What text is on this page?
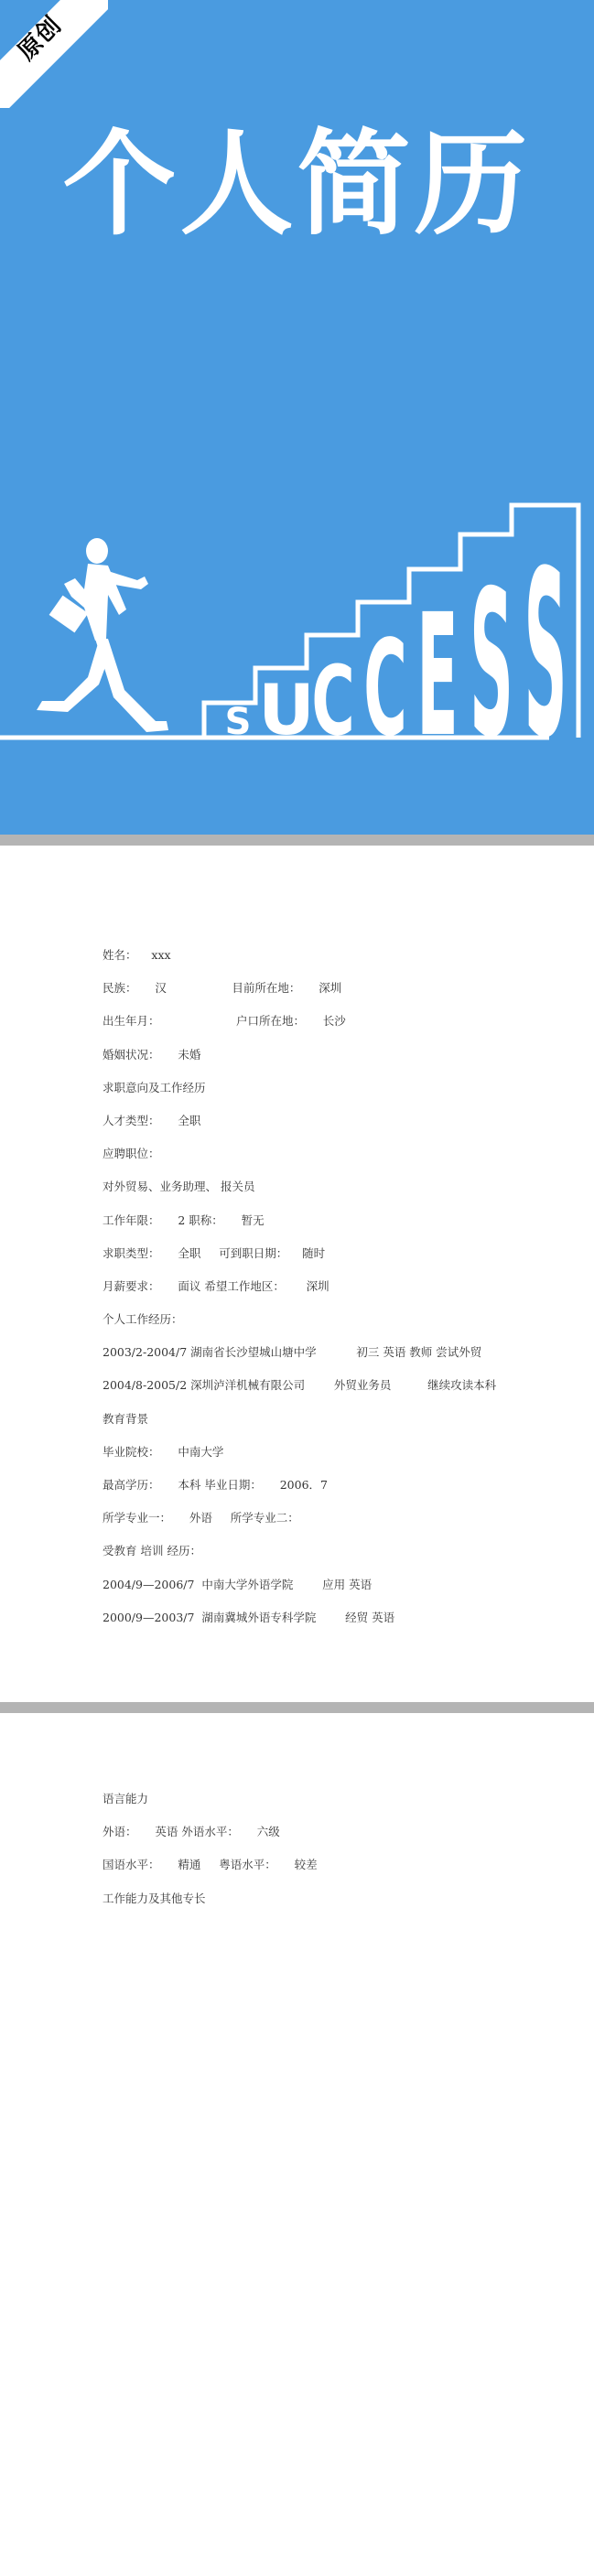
原创
个人简历
S U
C C E S S
姓名：    xxx
民族：     汉                  目前所在地：     深圳
出生年月：                     户口所在地：     长沙
婚姻状况：     未婚
求职意向及工作经历
人才类型：     全职
应聘职位：
对外贸易、业务助理、 报关员
工作年限：     2 职称：     暂无
求职类型：     全职     可到职日期：    随时
月薪要求：     面议 希望工作地区：      深圳
个人工作经历：
2003/2-2004/7 湖南省长沙望城山塘中学           初三 英语 教师 尝试外贸
2004/8-2005/2 深圳泸洋机械有限公司        外贸业务员          继续攻读本科
教育背景
毕业院校：     中南大学
最高学历：     本科 毕业日期：     2006．7
所学专业一：     外语     所学专业二：
受教育 培训 经历：
2004/9—2006/7  中南大学外语学院        应用 英语
2000/9—2003/7  湖南冀城外语专科学院        经贸 英语
语言能力
外语：     英语 外语水平：     六级
国语水平：     精通     粤语水平：     较差
工作能力及其他专长
